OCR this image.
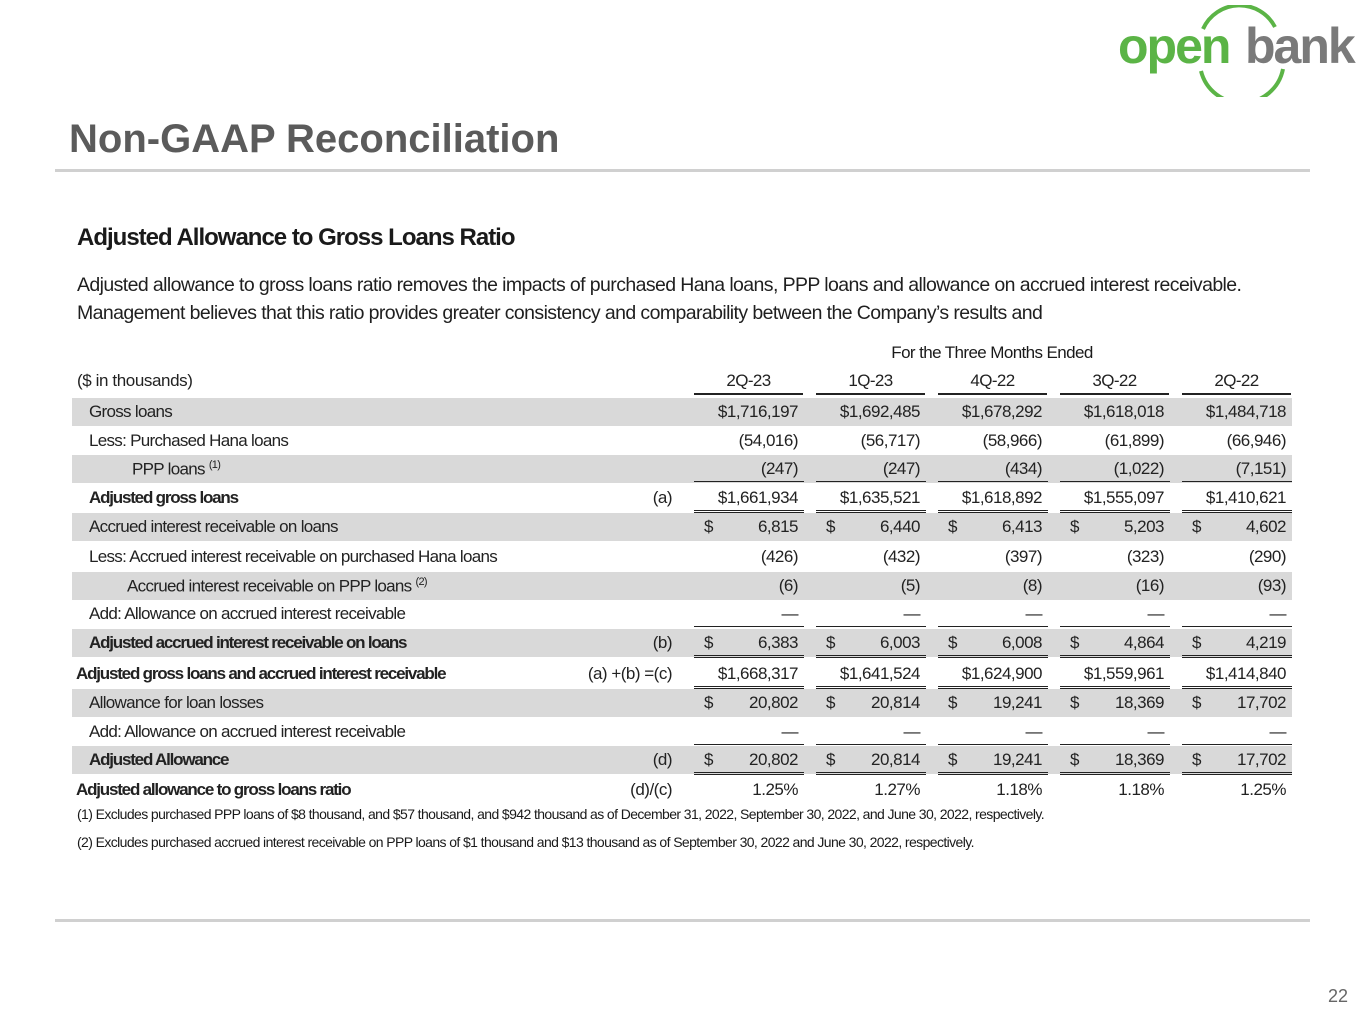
open bank
Non-GAAP Reconciliation
Adjusted Allowance to Gross Loans Ratio
Adjusted allowance to gross loans ratio removes the impacts of purchased Hana loans, PPP loans and allowance on accrued interest receivable. Management believes that this ratio provides greater consistency and comparability between the Company’s results and
For the Three Months Ended
($ in thousands)	2Q-23	1Q-23	4Q-22	3Q-22	2Q-22
Gross loans	$1,716,197 $1,692,485 $1,678,292 $1,618,018 $1,484,718
Less: Purchased Hana loans	(54,016)	(56,717)	(58,966)	(61,899)	(66,946)
PPP loans $^{(1)}$	(247)	(247)	(434)	(1,022)	(7,151)
Adjusted gross loans	(a)	$1,661,934 $1,635,521 $1,618,892 $1,555,097 $1,410,621
Accrued interest receivable on loans	$	6,815 $	6,440 $	6,413 $	5,203 $	4,602
Less: Accrued interest receivable on purchased Hana loans	(426)	(432)	(397)	(323)	(290)
Accrued interest receivable on PPP loans $^{(2)}$	(6)	(5)	(8)	(16)	(93)
Add: Allowance on accrued interest receivable	—	—	—	—	—
Adjusted accrued interest receivable on loans	(b) $	6,383 $	6,003 $	6,008 $	4,864 $	4,219
Adjusted gross loans and accrued interest receivable	(a) +(b) =(c)	$1,668,317 $1,641,524 $1,624,900 $1,559,961 $1,414,840
Allowance for loan losses	$ 20,802 $ 20,814 $ 19,241 $ 18,369 $ 17,702
Add: Allowance on accrued interest receivable	—	—	—	—	—
Adjusted Allowance	(d) $ 20,802 $ 20,814 $ 19,241 $ 18,369 $ 17,702
Adjusted allowance to gross loans ratio	(d)/(c)	1.25%	1.27%	1.18%	1.18%	1.25%
(1) Excludes purchased PPP loans of $8 thousand, and $57 thousand, and $942 thousand as of December 31, 2022, September 30, 2022, and June 30, 2022, respectively.
(2) Excludes purchased accrued interest receivable on PPP loans of $1 thousand and $13 thousand as of September 30, 2022 and June 30, 2022, respectively.
22
